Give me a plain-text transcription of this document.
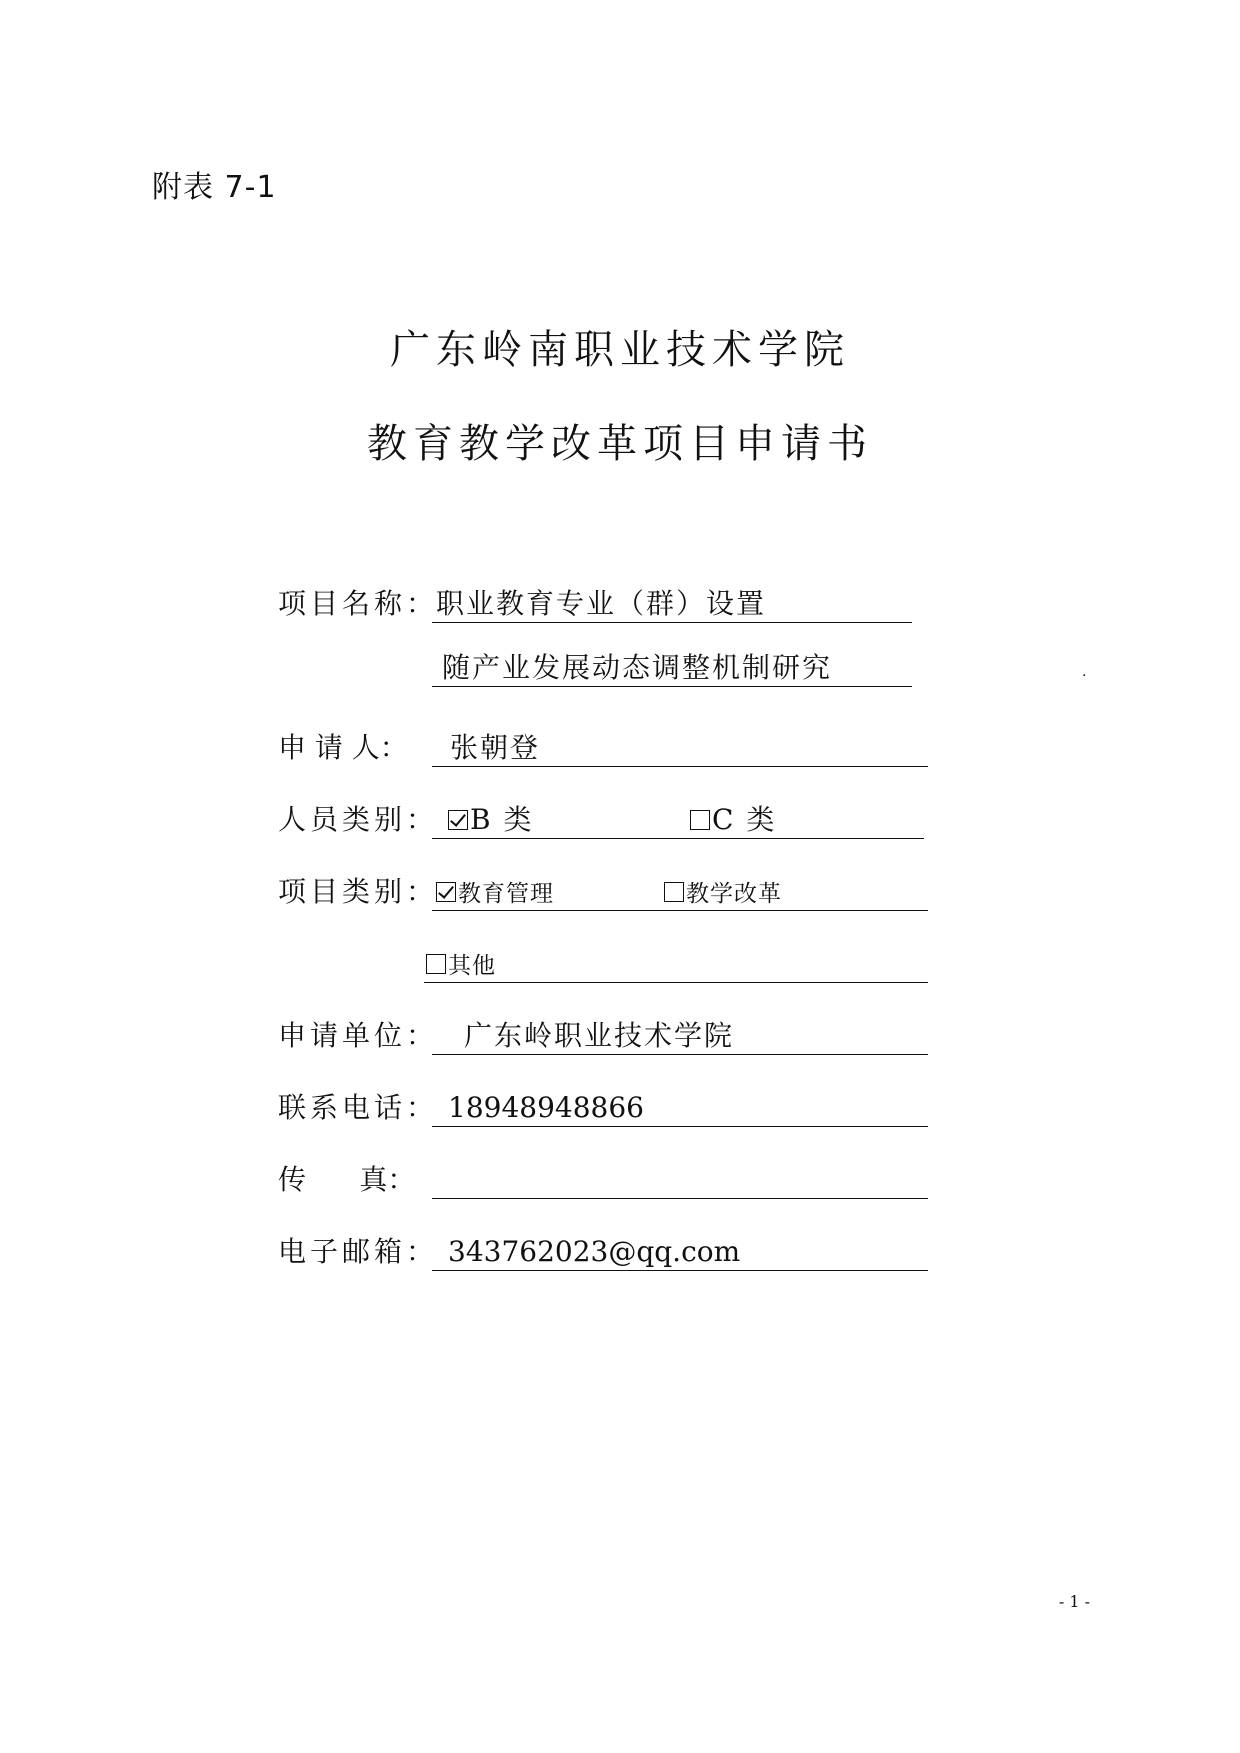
附表 7-1
广东岭南职业技术学院
教育教学改革项目申请书
项目名称：
职业教育专业（群）设置
随产业发展动态调整机制研究	.
申 请 人： 张朝登
人员类别：	B 类	C 类
项目类别： 教育管理	教学改革
其他
申请单位： 广东岭职业技术学院
联系电话： 18948948866
传      真：
电子邮箱： 343762023@qq.com
- 1 -
